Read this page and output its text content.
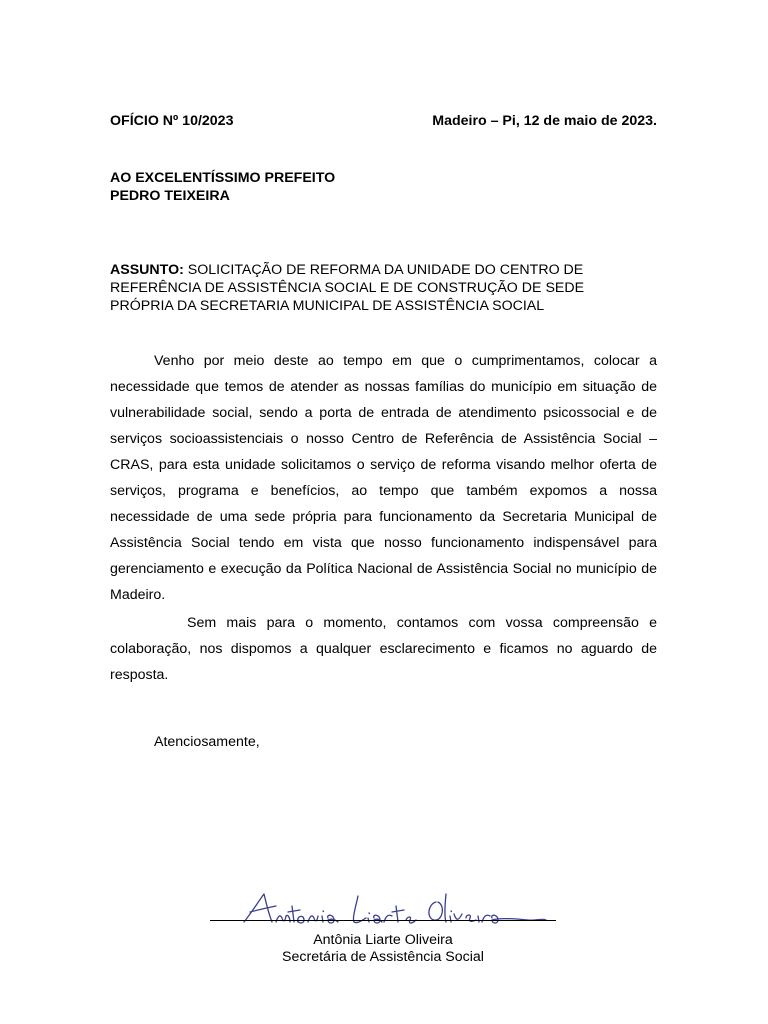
OFÍCIO Nº 10/2023	Madeiro – Pi, 12 de maio de 2023.
AO EXCELENTÍSSIMO PREFEITO
PEDRO TEIXEIRA
ASSUNTO: SOLICITAÇÃO DE REFORMA DA UNIDADE DO CENTRO DE REFERÊNCIA DE ASSISTÊNCIA SOCIAL E DE CONSTRUÇÃO DE SEDE PRÓPRIA DA SECRETARIA MUNICIPAL DE ASSISTÊNCIA SOCIAL
Venho por meio deste ao tempo em que o cumprimentamos, colocar a necessidade que temos de atender as nossas famílias do município em situação de vulnerabilidade social, sendo a porta de entrada de atendimento psicossocial e de serviços socioassistenciais o nosso Centro de Referência de Assistência Social – CRAS, para esta unidade solicitamos o serviço de reforma visando melhor oferta de serviços, programa e benefícios, ao tempo que também expomos a nossa necessidade de uma sede própria para funcionamento da Secretaria Municipal de Assistência Social tendo em vista que nosso funcionamento indispensável para gerenciamento e execução da Política Nacional de Assistência Social no município de Madeiro.
Sem mais para o momento, contamos com vossa compreensão e colaboração, nos dispomos a qualquer esclarecimento e ficamos no aguardo de resposta.
Atenciosamente,
Antônia Liarte Oliveira
Secretária de Assistência Social
